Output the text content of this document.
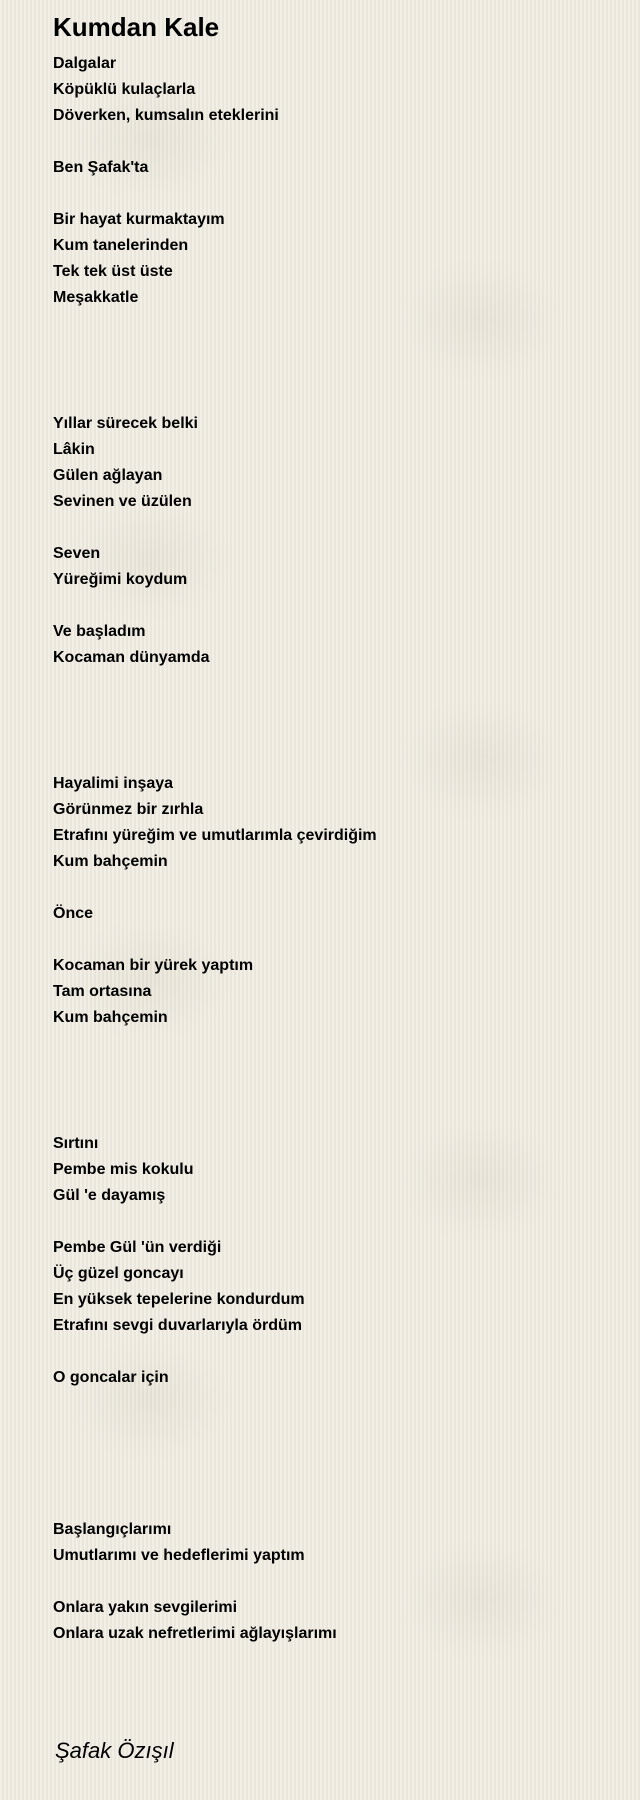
Kumdan Kale

Dalgalar
Köpüklü kulaçlarla
Döverken, kumsalın eteklerini

Ben Şafak'ta

Bir hayat kurmaktayım
Kum tanelerinden
Tek tek üst üste
Meşakkatle

Yıllar sürecek belki
Lâkin
Gülen ağlayan
Sevinen ve üzülen

Seven
Yüreğimi koydum

Ve başladım
Kocaman dünyamda

Hayalimi inşaya
Görünmez bir zırhla
Etrafını yüreğim ve umutlarımla çevirdiğim
Kum bahçemin

Önce

Kocaman bir yürek yaptım
Tam ortasına
Kum bahçemin

Sırtını
Pembe mis kokulu
Gül 'e dayamış

Pembe Gül 'ün verdiği
Üç güzel goncayı
En yüksek tepelerine kondurdum
Etrafını sevgi duvarlarıyla ördüm

O goncalar için

Başlangıçlarımı
Umutlarımı ve hedeflerimi yaptım

Onlara yakın sevgilerimi
Onlara uzak nefretlerimi ağlayışlarımı

Şafak Özışıl
